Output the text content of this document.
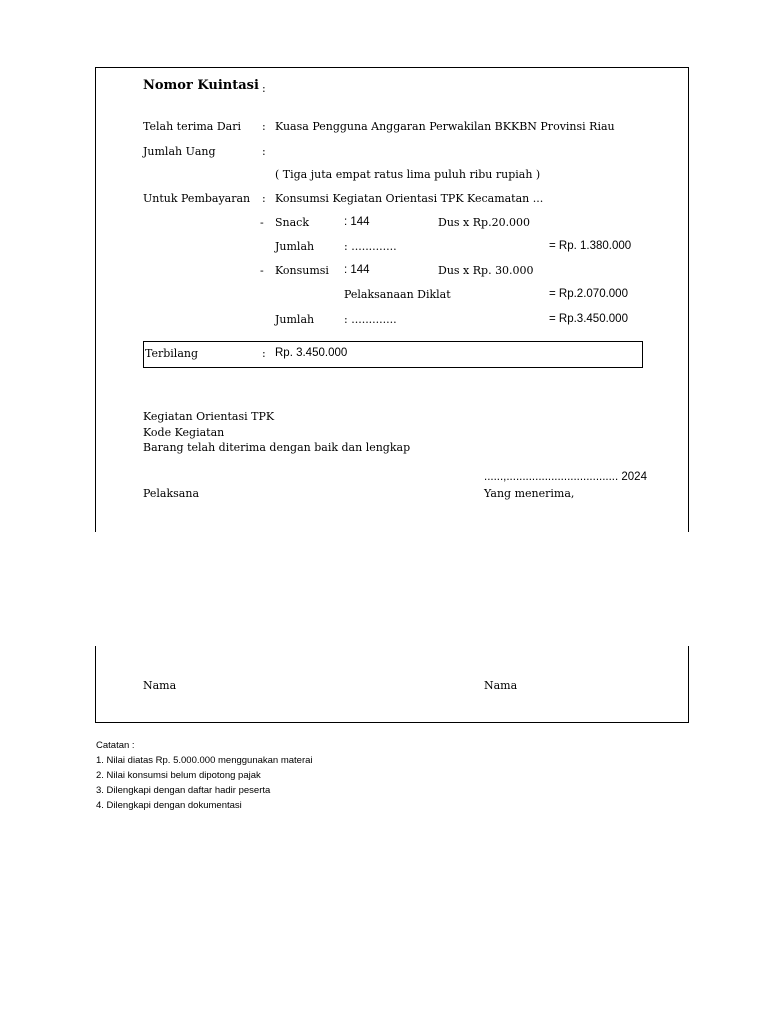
Nomor Kuintasi :
Telah terima Dari : Kuasa Pengguna Anggaran Perwakilan BKKBN Provinsi Riau
Jumlah Uang	:
( Tiga juta empat ratus lima puluh ribu rupiah )
Untuk Pembayaran : Konsumsi Kegiatan Orientasi TPK Kecamatan ...
- Snack	: 144	Dus x Rp.20.000
Jumlah	: .............	= Rp. 1.380.000
- Konsumsi : 144	Dus x Rp. 30.000
Pelaksanaan Diklat	= Rp.2.070.000
Jumlah	: .............	= Rp.3.450.000
Terbilang	: Rp. 3.450.000
Kegiatan Orientasi TPK
Kode Kegiatan
Barang telah diterima dengan baik dan lengkap
......,................................... 2024
Pelaksana	Yang menerima,
Nama	Nama
Catatan :
1. Nilai diatas Rp. 5.000.000 menggunakan materai
2. Nilai konsumsi belum dipotong pajak
3. Dilengkapi dengan daftar hadir peserta
4. Dilengkapi dengan dokumentasi
